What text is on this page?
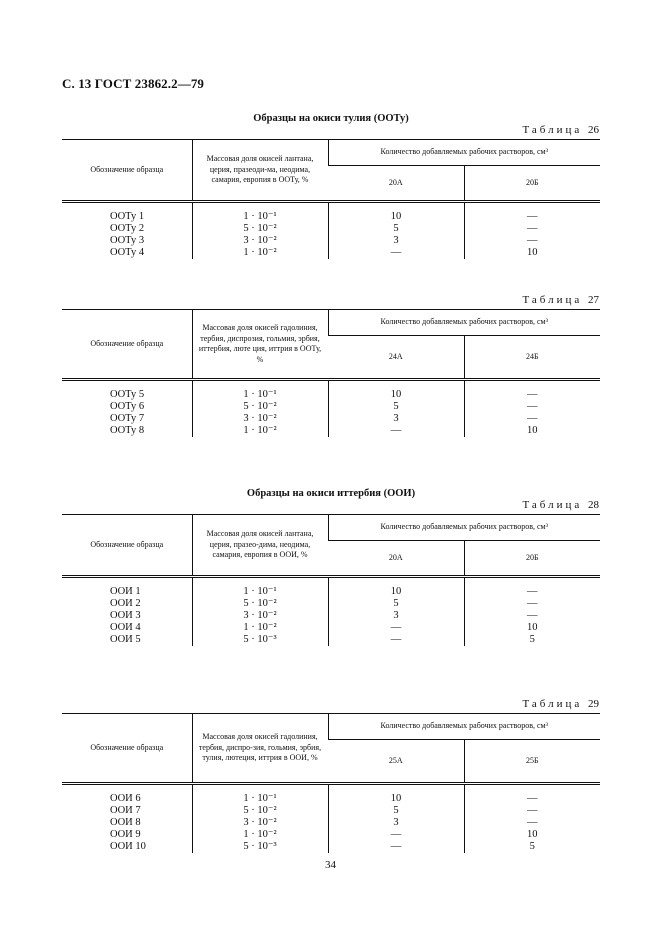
С. 13 ГОСТ 23862.2—79
Образцы на окиси тулия (ООТу)
Таблица 26
Обозначение образца	Массовая доля окисей лантана, церия, празеоди-ма, неодима, самария, европия в ООТу, %	Количество добавляемых рабочих растворов, см³	
		20А	20Б
ООТу 1	1 · 10⁻¹	10	—
ООТу 2	5 · 10⁻²	5	—
ООТу 3	3 · 10⁻²	3	—
ООТу 4	1 · 10⁻²	—	10
Таблица 27
Обозначение образца	Массовая доля окисей гадолиния, тербия, диспрозия, гольмия, эрбия, иттербия, люте ция, иттрия в ООТу, %	Количество добавляемых рабочих растворов, см³	
		24А	24Б
ООТу 5	1 · 10⁻¹	10	—
ООТу 6	5 · 10⁻²	5	—
ООТу 7	3 · 10⁻²	3	—
ООТу 8	1 · 10⁻²	—	10
Образцы на окиси иттербия (ООИ)
Таблица 28
Обозначение образца	Массовая доля окисей лантана, церия, празео-дима, неодима, самария, европия в ООИ, %	Количество добавляемых рабочих растворов, см³	
		20А	20Б
ООИ 1	1 · 10⁻¹	10	—
ООИ 2	5 · 10⁻²	5	—
ООИ 3	3 · 10⁻²	3	—
ООИ 4	1 · 10⁻²	—	10
ООИ 5	5 · 10⁻³	—	5
Таблица 29
Обозначение образца	Массовая доля окисей гадолиния, тербия, диспро-зия, гольмия, эрбия, тулия, лютеция, иттрия в ООИ, %	Количество добавляемых рабочих растворов, см³	
		25А	25Б
ООИ 6	1 · 10⁻¹	10	—
ООИ 7	5 · 10⁻²	5	—
ООИ 8	3 · 10⁻²	3	—
ООИ 9	1 · 10⁻²	—	10
ООИ 10	5 · 10⁻³	—	5
34
